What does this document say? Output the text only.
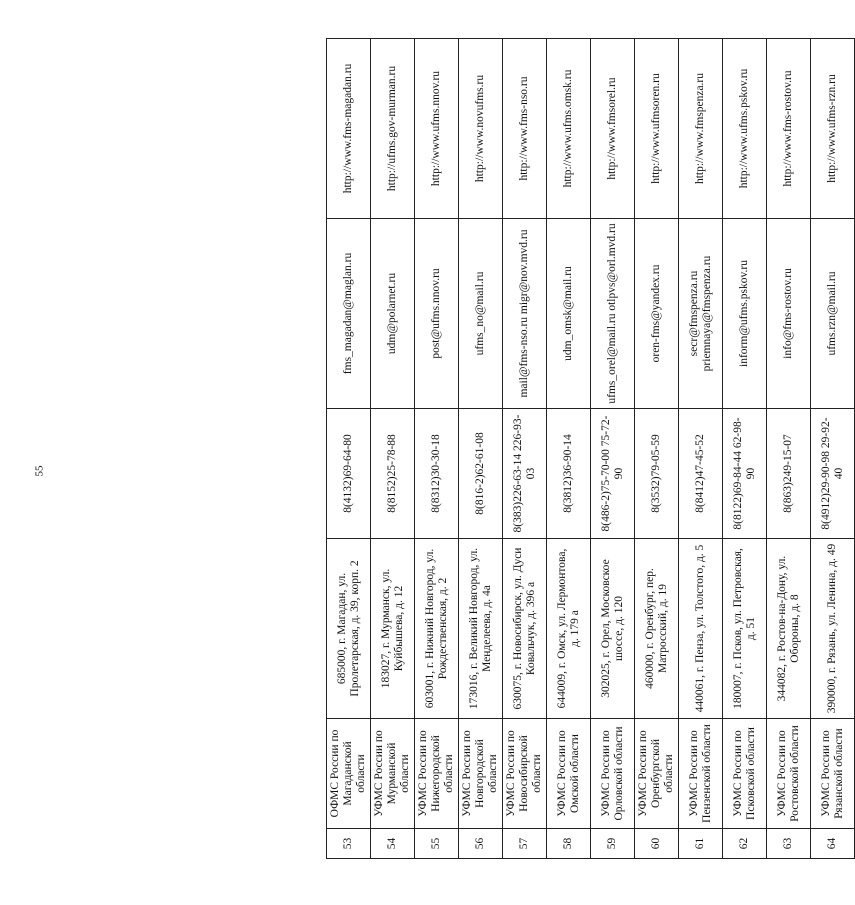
55
53	ОФМС России по Магаданской области	685000, г. Магадан, ул. Пролетарская, д. 39, корп. 2	8(4132)69-64-80	fms_magadan@maglan.ru	http://www.fms-magadan.ru
54	УФМС России по Мурманской области	183027, г. Мурманск, ул. Куйбышева, д. 12	8(8152)25-78-88	udm@polarnet.ru	http://ufms.gov-murman.ru
55	УФМС России по Нижегородской области	603001, г. Нижний Новгород, ул. Рождественская, д. 2	8(8312)30-30-18	post@ufms.nnov.ru	http://www.ufms.nnov.ru
56	УФМС России по Новгородской области	173016, г. Великий Новгород, ул. Менделеева, д. 4а	8(816-2)62-61-08	ufms_no@mail.ru	http://www.novufms.ru
57	УФМС России по Новосибирской области	630075, г. Новосибирск, ул. Дуси Ковальчук, д. 396 а	8(383)226-63-14 226-93-03	mail@fms-nso.ru migr@nov.mvd.ru	http://www.fms-nso.ru
58	УФМС России по Омской области	644009, г. Омск, ул. Лермонтова, д. 179 а	8(3812)36-90-14	udm_omsk@mail.ru	http://www.ufms.omsk.ru
59	УФМС России по Орловской области	302025, г. Орел, Московское шоссе, д. 120	8(486-2)75-70-00 75-72-90	ufms_orel@mail.ru otlpvs@orl.mvd.ru	http://www.fmsorel.ru
60	УФМС России по Оренбургской области	460000, г. Оренбург, пер. Матросский, д. 19	8(3532)79-05-59	oren-fms@yandex.ru	http://www.ufmsoren.ru
61	УФМС России по Пензенской области	440061, г. Пенза, ул. Толстого, д. 5	8(8412)47-45-52	secr@fmspenza.ru priemnaya@fmspenza.ru	http://www.fmspenza.ru
62	УФМС России по Псковской области	180007, г. Псков, ул. Петровская, д. 51	8(8122)69-84-44 62-98-90	inform@ufms.pskov.ru	http://www.ufms.pskov.ru
63	УФМС России по Ростовской области	344082, г. Ростов-на-Дону, ул. Обороны, д. 8	8(863)249-15-07	info@fms-rostov.ru	http://www.fms-rostov.ru
64	УФМС России по Рязанской области	390000, г. Рязань, ул. Ленина, д. 49	8(4912)29-90-98 29-92-40	ufms.rzn@mail.ru	http://www.ufms-rzn.ru
